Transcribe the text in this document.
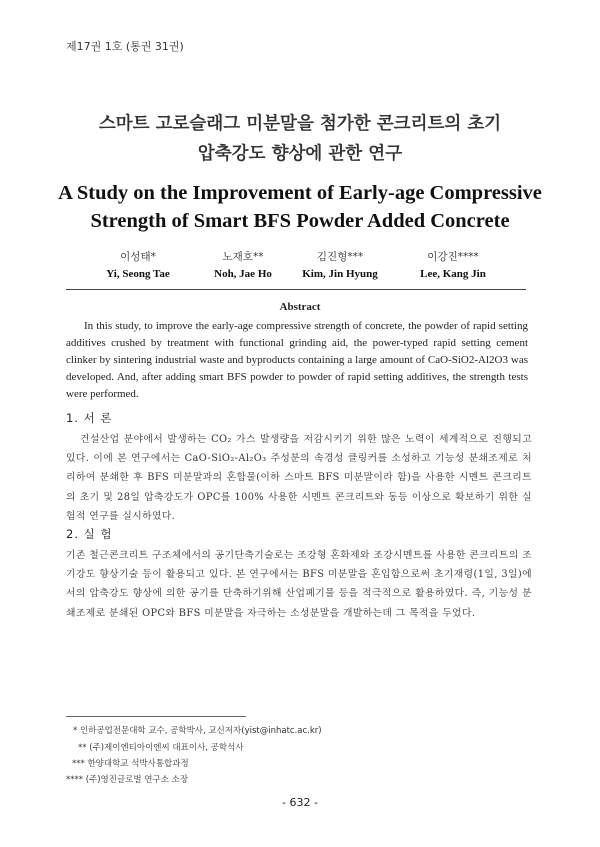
제17권 1호 (통권 31권)
스마트 고로슬래그 미분말을 첨가한 콘크리트의 초기
압축강도 향상에 관한 연구
A Study on the Improvement of Early-age Compressive
Strength of Smart BFS Powder Added Concrete
이성태*
Yi, Seong Tae
노재호**
Noh, Jae Ho
김진형***
Kim, Jin Hyung
이강진****
Lee, Kang Jin
Abstract
In this study, to improve the early-age compressive strength of concrete, the powder of rapid setting additives crushed by treatment with functional grinding aid, the power-typed rapid setting cement clinker by sintering industrial waste and byproducts containing a large amount of CaO-SiO2-Al2O3 was developed. And, after adding smart BFS powder to powder of rapid setting additives, the strength tests were performed.
1. 서 론
건설산업 분야에서 발생하는 CO₂ 가스 발생량을 저감시키기 위한 많은 노력이 세계적으로 진행되고 있다. 이에 본 연구에서는 CaO-SiO₂-Al₂O₃ 주성분의 속경성 클링커를 소성하고 기능성 분쇄조제로 처리하여 분쇄한 후 BFS 미분말과의 혼합물(이하 스마트 BFS 미분말이라 함)을 사용한 시멘트 콘크리트의 초기 및 28일 압축강도가 OPC를 100% 사용한 시멘트 콘크리트와 동등 이상으로 확보하기 위한 실험적 연구를 실시하였다.
2. 실 험
기존 철근콘크리트 구조체에서의 공기단축기술로는 조강형 혼화제와 조강시멘트를 사용한 콘크리트의 조기강도 향상기술 등이 활용되고 있다. 본 연구에서는 BFS 미분말을 혼입함으로써 초기재령(1일, 3일)에서의 압축강도 향상에 의한 공기를 단축하기위해 산업폐기물 등을 적극적으로 활용하였다. 즉, 기능성 분쇄조제로 분쇄된 OPC와 BFS 미분말을 자극하는 소성분말을 개발하는데 그 목적을 두었다.
* 인하공업전문대학 교수, 공학박사, 교신저자(yist@inhatc.ac.kr)
** (주)제이엔티아이엔씨 대표이사, 공학석사
*** 한양대학교 석박사통합과정
**** (주)영진글로벌 연구소 소장
- 632 -
